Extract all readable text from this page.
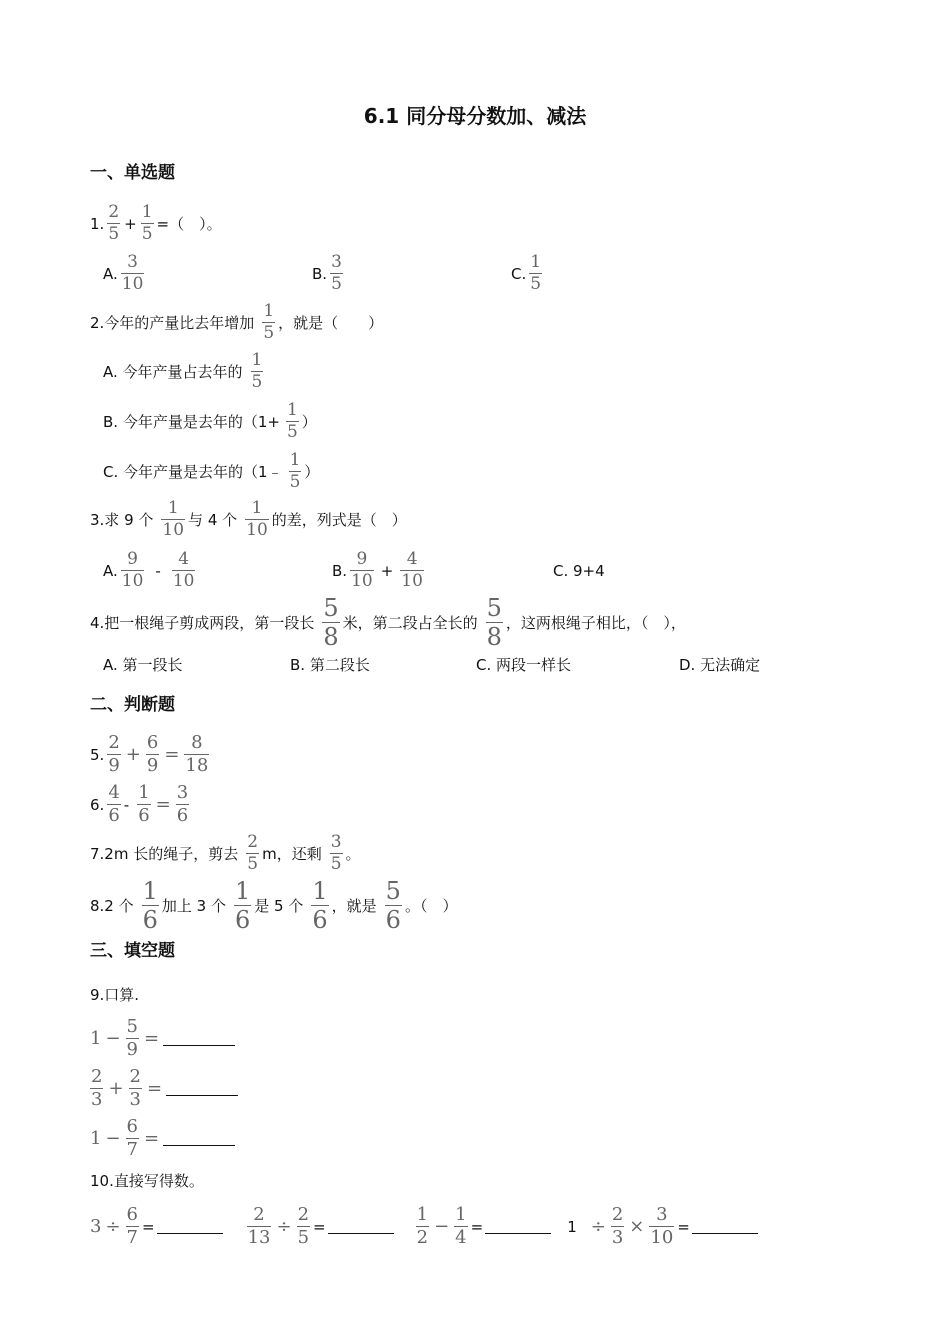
6.1 同分母分数加、减法
一、单选题
1. $\frac{2}{5} + \frac{1}{5}$ =（　）。
A. $\frac{3}{10}$	B. $\frac{3}{5}$	C. $\frac{1}{5}$
2.今年的产量比去年增加 $\frac{1}{5}$ ，就是（　　）
A. 今年产量占去年的 $\frac{1}{5}$
B. 今年产量是去年的（$1+ \frac{1}{5}$ ）
C. 今年产量是去年的（1﹣ $\frac{1}{5}$ ）
3.求 9 个 $\frac{1}{10}$ 与 4 个 $\frac{1}{10}$ 的差，列式是（　）
A. $\frac{9}{10} - \frac{4}{10}$	B. $\frac{9}{10} + \frac{4}{10}$	C. 9+4
4.把一根绳子剪成两段，第一段长 $\frac{5}{8}$ 米，第二段占全长的 $\frac{5}{8}$ ，这两根绳子相比，（　），
A. 第一段长	B. 第二段长	C. 两段一样长	D. 无法确定
二、判断题
5. $\frac{2}{9} + \frac{6}{9} = \frac{8}{18}$
6. $\frac{4}{6} - \frac{1}{6} = \frac{3}{6}$
7.2m 长的绳子，剪去 $\frac{2}{5}$ m，还剩 $\frac{3}{5}$ 。
8.2 个 $\frac{1}{6}$ 加上 3 个 $\frac{1}{6}$ 是 5 个 $\frac{1}{6}$ ，就是 $\frac{5}{6}$ 。（　）
三、填空题
9.口算.
$1 - \frac{5}{9}$ =
$\frac{2}{3} + \frac{2}{3}$ =
$1 - \frac{6}{7}$ =
10.直接写得数。
$3 \div \frac{6}{7}$ =	$\frac{2}{13} \div \frac{2}{5}$ =	$\frac{1}{2} - \frac{1}{4}$ =	$1 \div \frac{2}{3} \times \frac{3}{10}$ =
